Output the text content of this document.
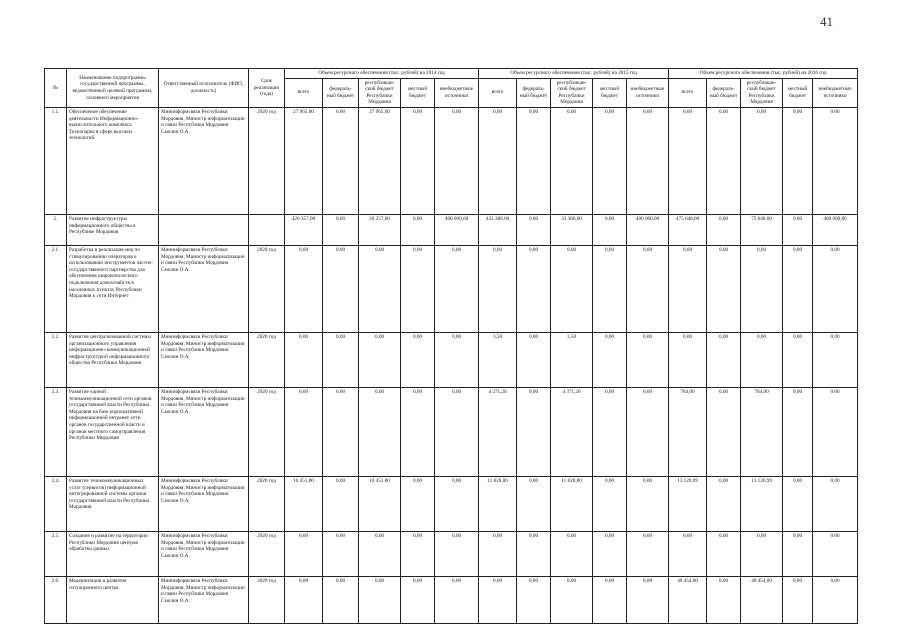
41
№	Наименование подпрограммы государственной программы, ведомственной целевой программы, основного мероприятия	Ответственный исполнитель (ФИО, должность)	Срок реализации (года)	Объем ресурсного обеспечения (тыс. рублей) на 2014 год					Объем ресурсного обеспечения (тыс. рублей) на 2015 год					Объем ресурсного обеспечения (тыс. рублей) на 2016 год				
				всего	федераль-ный бюджет	республикан-ский бюджет Республики Мордовия	местный бюджет	внебюджетные источники	всего	федераль-ный бюджет	республикан-ский бюджет Республики Мордовия	местный бюджет	внебюджетные источники	всего	федераль-ный бюджет	республикан-ский бюджет Республики Мордовия	местный бюджет	внебюджетные источники
1.1.	Обеспечение обеспечение деятельности Информационно-вычислительного комплекса Технопарка в сфере высоких технологий	Мининформсвязи Республики Мордовия, Министр информатизации и связи Республики Мордовия Смолин О.А.	2020 год	27 965,00	0,00	27 965,00	0,00	0,00	0,00	0,00	0,00	0,00	0,00	0,00	0,00	0,00	0,00	0,00
2.	Развитие инфраструктуры информационного общества в Республике Мордовия			420 357,00	0,00	20 357,00	0,00	400 000,00	433 386,00	0,00	33 386,00	0,00	400 000,00	475 648,00	0,00	75 648,00	0,00	400 000,00
2.1.	Разработка и реализация мер по стимулированию операторов к использованию инструментов частно-государственного партнерства для обеспечения широкополосного подключения домохозяйств в населенных пунктах Республики Мордовия к сети Интернет	Мининформсвязи Республики Мордовия, Министр информатизации и связи Республики Мордовия Смолин О.А.	2020 год	0,00	0,00	0,00	0,00	0,00	0,00	0,00	0,00	0,00	0,00	0,00	0,00	0,00	0,00	0,00
2.2.	Развитие централизованной системы организационного управления информационно-коммуникационной инфраструктурой информационного общества Республики Мордовия	Мининформсвязи Республики Мордовия, Министр информатизации и связи Республики Мордовия Смолин О.А.	2020 год	0,00	0,00	0,00	0,00	0,00	3,50	0,00	3,50	0,00	0,00	0,00	0,00	0,00	0,00	0,00
2.3.	Развитие единой телекоммуникационной сети органов государственной власти Республики Мордовия на базе корпоративной информационной интранет-сети органов государственной власти и органов местного самоуправления Республики Мордовия	Мининформсвязи Республики Мордовия, Министр информатизации и связи Республики Мордовия Смолин О.А.	2020 год	0,00	0,00	0,00	0,00	0,00	4 371,20	0,00	4 371,20	0,00	0,00	784,00	0,00	784,00	0,00	0,00
2.4.	Развитие телекоммуникационных услуг (сервисов) информационной интегрированной системы органов государственной власти Республики Мордовия	Мининформсвязи Республики Мордовия, Министр информатизации и связи Республики Мордовия Смолин О.А.	2020 год	10 451,80	0,00	10 451,80	0,00	0,00	11 828,80	0,00	11 828,80	0,00	0,00	13 120,99	0,00	13 120,99	0,00	0,00
2.5.	Создание и развитие на территории Республики Мордовия центров обработки данных	Мининформсвязи Республики Мордовия, Министр информатизации и связи Республики Мордовия Смолин О.А.	2020 год	0,00	0,00	0,00	0,00	0,00	0,00	0,00	0,00	0,00	0,00	0,00	0,00	0,00	0,00	0,00
2.6.	Модернизация и развитие ситуационного центра	Мининформсвязи Республики Мордовия, Министр информатизации и связи Республики Мордовия Смолин О.А.	2020 год	0,00	0,00	0,00	0,00	0,00	0,00	0,00	0,00	0,00	0,00	40 454,00	0,00	40 454,00	0,00	0,00
